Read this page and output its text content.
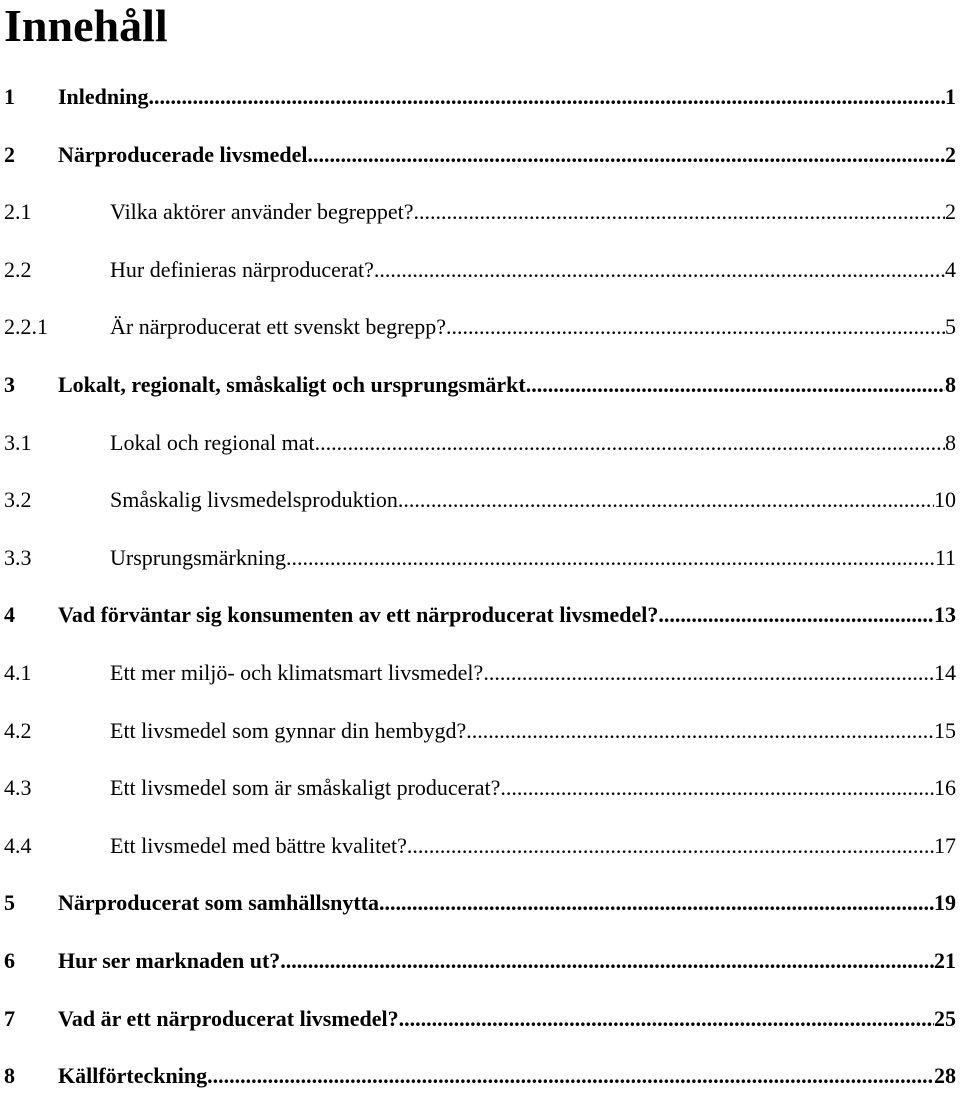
Innehåll
1 Inledning .....	1
2 Närproducerade livsmedel .....	2
2.1	Vilka aktörer använder begreppet? .....	2
2.2	Hur definieras närproducerat? .....	4
2.2.1	Är närproducerat ett svenskt begrepp? .....	5
3 Lokalt, regionalt, småskaligt och ursprungsmärkt .....	8
3.1	Lokal och regional mat .....	8
3.2	Småskalig livsmedelsproduktion .....	10
3.3	Ursprungsmärkning .....	11
4 Vad förväntar sig konsumenten av ett närproducerat livsmedel? .....	13
4.1	Ett mer miljö- och klimatsmart livsmedel? .....	14
4.2	Ett livsmedel som gynnar din hembygd? .....	15
4.3	Ett livsmedel som är småskaligt producerat? .....	16
4.4	Ett livsmedel med bättre kvalitet? .....	17
5 Närproducerat som samhällsnytta .....	19
6 Hur ser marknaden ut? .....	21
7 Vad är ett närproducerat livsmedel? .....	25
8 Källförteckning .....	28
